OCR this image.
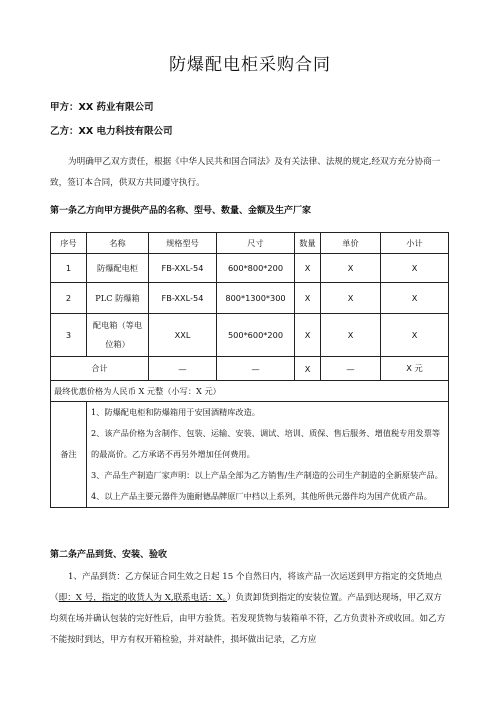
防爆配电柜采购合同
甲方：XX 药业有限公司
乙方：XX 电力科技有限公司
为明确甲乙双方责任，根据《中华人民共和国合同法》及有关法律、法规的规定,经双方充分协商一致，签订本合同，供双方共同遵守执行。
第一条乙方向甲方提供产品的名称、型号、数量、金额及生产厂家
序号	名称	规格型号	尺寸	数量	单价	小计
1	防爆配电柜	FB-XXL-54	600*800*200	X	X	X
2	PLC 防爆箱	FB-XXL-54	800*1300*300	X	X	X
3	配电箱（等电位箱）	XXL	500*600*200	X	X	X
合计		—	—	X	—	X 元
最终优惠价格为人民币 X 元整（小写：X 元）						
备注	1、防爆配电柜和防爆箱用于安国酒精库改造。

2、该产品价格为含制作、包装、运输、安装、调试、培训、质保、售后服务、增值税专用发票等的最高价。乙方承诺不再另外增加任何费用。

3、产品生产制造厂家声明：以上产品全部为乙方销售/生产制造的公司生产制造的全新原装产品。

4、以上产品主要元器件为施耐德品牌原厂中档以上系列，其他所供元器件均为国产优质产品。					

第二条产品到货、安装、验收
1、产品到货：乙方保证合同生效之日起 15 个自然日内，将该产品一次运送到甲方指定的交货地点（即：X 号，指定的收货人为 X,联系电话：X。）负责卸货到指定的安装位置。产品到达现场，甲乙双方均须在场并确认包装的完好性后，由甲方验货。若发现货物与装箱单不符，乙方负责补齐或收回。如乙方不能按时到达，甲方有权开箱检验，并对缺件，损坏做出记录，乙方应
